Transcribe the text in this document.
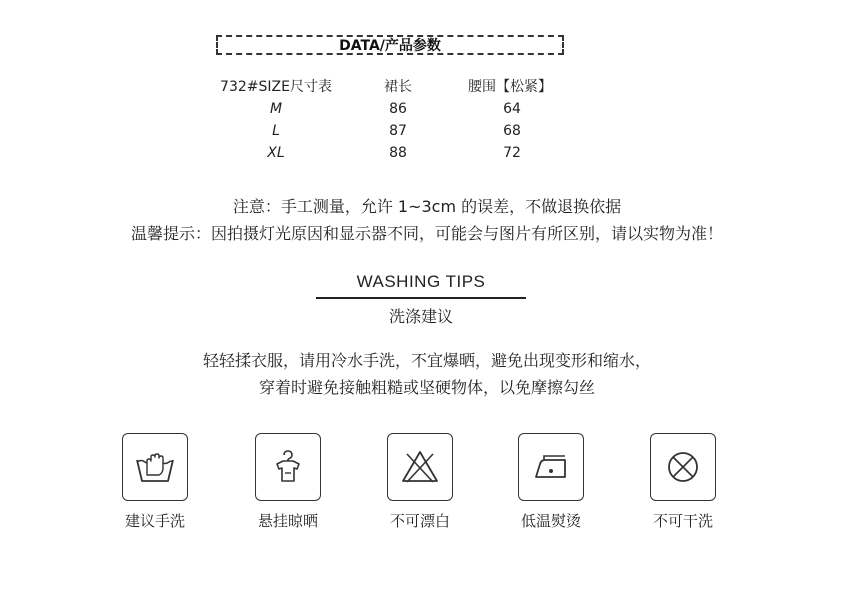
DATA/产品参数
732#SIZE尺寸表	裙长	腰围【松紧】
M	86	64
L	87	68
XL	88	72
注意：手工测量，允许 1~3cm 的误差，不做退换依据
温馨提示：因拍摄灯光原因和显示器不同，可能会与图片有所区别，请以实物为准！
WASHING TIPS
洗涤建议
轻轻揉衣服，请用冷水手洗，不宜爆晒，避免出现变形和缩水，
穿着时避免接触粗糙或坚硬物体，以免摩擦勾丝
建议手洗	悬挂晾晒	不可漂白	低温熨烫	不可干洗
